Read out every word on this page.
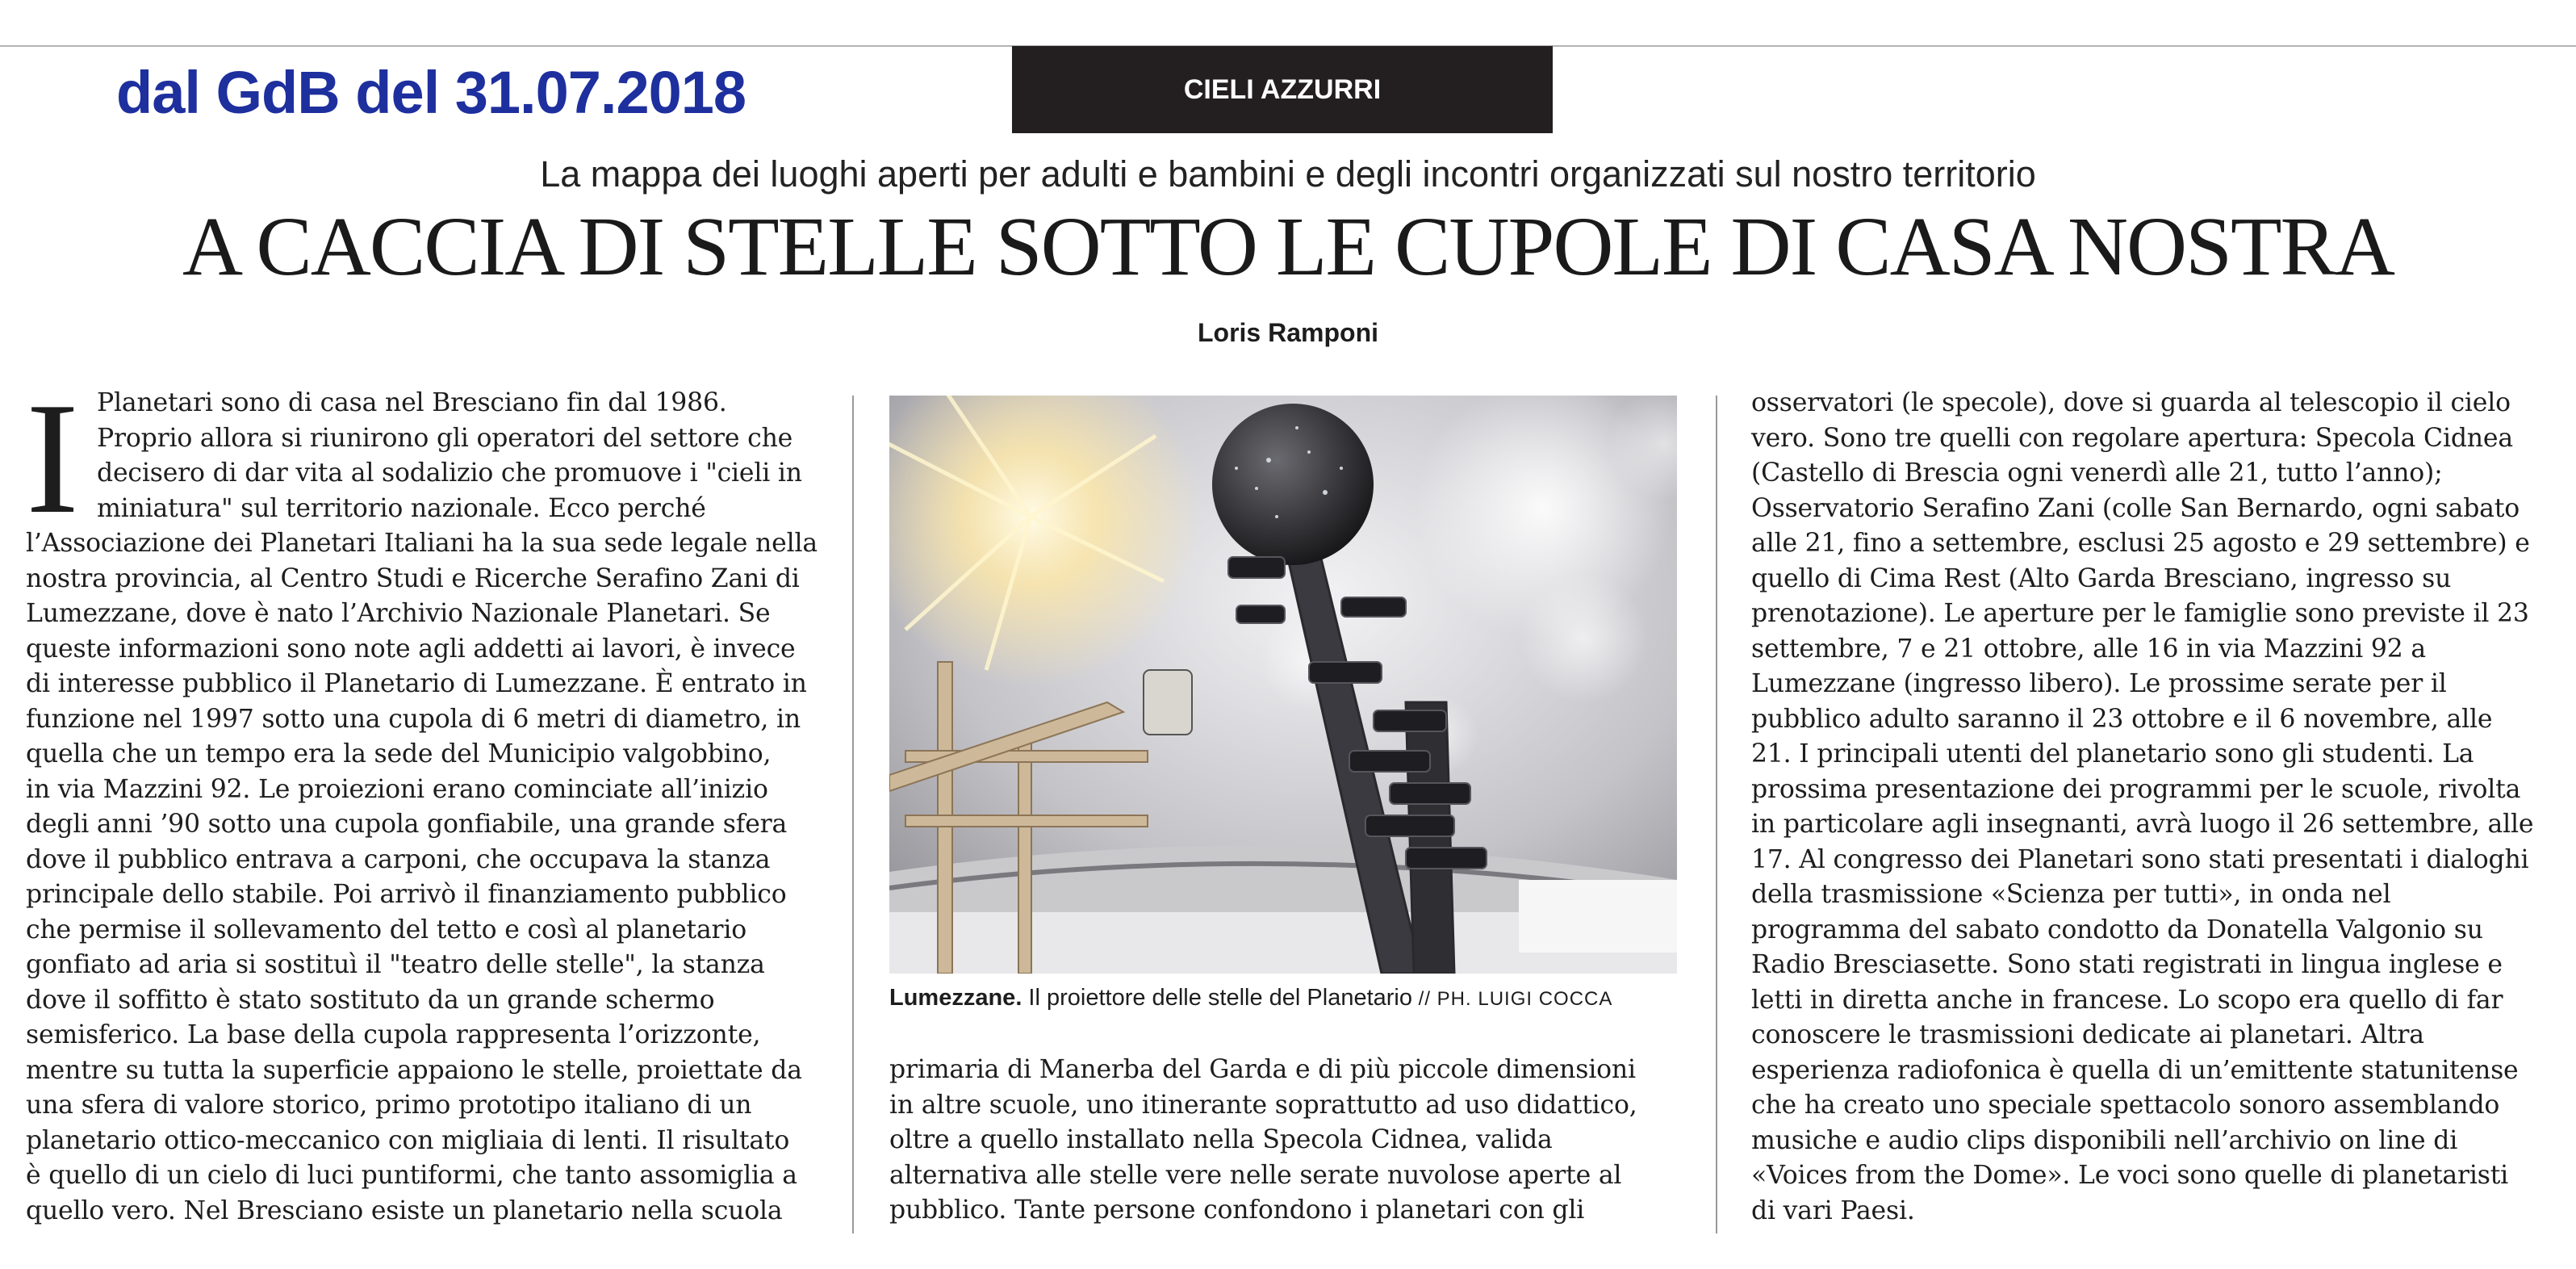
dal GdB del 31.07.2018	CIELI AZZURRI
La mappa dei luoghi aperti per adulti e bambini e degli incontri organizzati sul nostro territorio
A CACCIA DI STELLE SOTTO LE CUPOLE DI CASA NOSTRA
Loris Ramponi
I Planetari sono di casa nel Bresciano fin dal 1986.
Proprio allora si riunirono gli operatori del settore che
decisero di dar vita al sodalizio che promuove i "cieli in
miniatura" sul territorio nazionale. Ecco perché
l’Associazione dei Planetari Italiani ha la sua sede legale nella
nostra provincia, al Centro Studi e Ricerche Serafino Zani di
Lumezzane, dove è nato l’Archivio Nazionale Planetari. Se
queste informazioni sono note agli addetti ai lavori, è invece
di interesse pubblico il Planetario di Lumezzane. È entrato in
funzione nel 1997 sotto una cupola di 6 metri di diametro, in
quella che un tempo era la sede del Municipio valgobbino,
in via Mazzini 92. Le proiezioni erano cominciate all’inizio
degli anni ’90 sotto una cupola gonfiabile, una grande sfera
dove il pubblico entrava a carponi, che occupava la stanza
principale dello stabile. Poi arrivò il finanziamento pubblico
che permise il sollevamento del tetto e così al planetario
gonfiato ad aria si sostituì il "teatro delle stelle", la stanza
dove il soffitto è stato sostituto da un grande schermo
semisferico. La base della cupola rappresenta l’orizzonte,
mentre su tutta la superficie appaiono le stelle, proiettate da
una sfera di valore storico, primo prototipo italiano di un
planetario ottico-meccanico con migliaia di lenti. Il risultato
è quello di un cielo di luci puntiformi, che tanto assomiglia a
quello vero. Nel Bresciano esiste un planetario nella scuola
Lumezzane. Il proiettore delle stelle del Planetario // PH. LUIGI COCCA
primaria di Manerba del Garda e di più piccole dimensioni
in altre scuole, uno itinerante soprattutto ad uso didattico,
oltre a quello installato nella Specola Cidnea, valida
alternativa alle stelle vere nelle serate nuvolose aperte al
pubblico. Tante persone confondono i planetari con gli
osservatori (le specole), dove si guarda al telescopio il cielo
vero. Sono tre quelli con regolare apertura: Specola Cidnea
(Castello di Brescia ogni venerdì alle 21, tutto l’anno);
Osservatorio Serafino Zani (colle San Bernardo, ogni sabato
alle 21, fino a settembre, esclusi 25 agosto e 29 settembre) e
quello di Cima Rest (Alto Garda Bresciano, ingresso su
prenotazione). Le aperture per le famiglie sono previste il 23
settembre, 7 e 21 ottobre, alle 16 in via Mazzini 92 a
Lumezzane (ingresso libero). Le prossime serate per il
pubblico adulto saranno il 23 ottobre e il 6 novembre, alle
21. I principali utenti del planetario sono gli studenti. La
prossima presentazione dei programmi per le scuole, rivolta
in particolare agli insegnanti, avrà luogo il 26 settembre, alle
17. Al congresso dei Planetari sono stati presentati i dialoghi
della trasmissione «Scienza per tutti», in onda nel
programma del sabato condotto da Donatella Valgonio su
Radio Bresciasette. Sono stati registrati in lingua inglese e
letti in diretta anche in francese. Lo scopo era quello di far
conoscere le trasmissioni dedicate ai planetari. Altra
esperienza radiofonica è quella di un’emittente statunitense
che ha creato uno speciale spettacolo sonoro assemblando
musiche e audio clips disponibili nell’archivio on line di
«Voices from the Dome». Le voci sono quelle di planetaristi
di vari Paesi.
